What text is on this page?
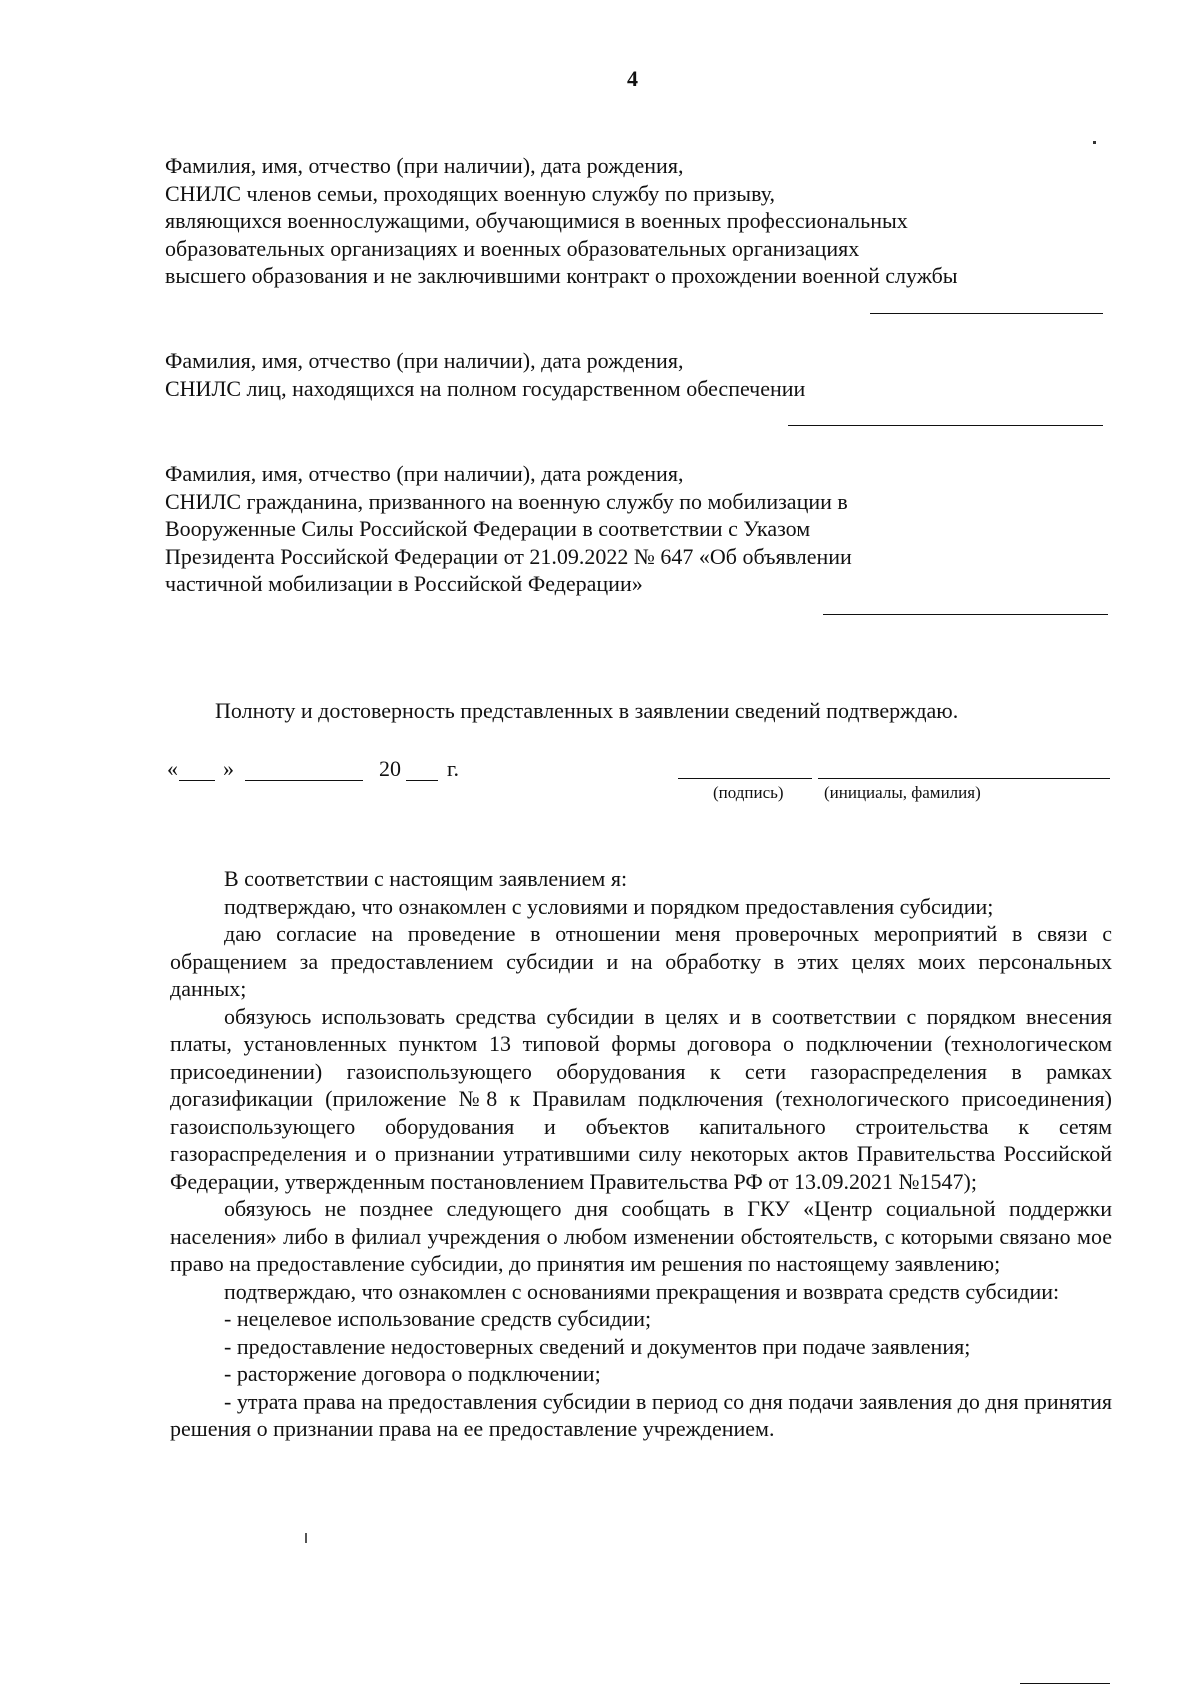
4
Фамилия, имя, отчество (при наличии), дата рождения,
СНИЛС членов семьи, проходящих военную службу по призыву,
являющихся военнослужащими, обучающимися в военных профессиональных
образовательных организациях и военных образовательных организациях
высшего образования и не заключившими контракт о прохождении военной службы
Фамилия, имя, отчество (при наличии), дата рождения,
СНИЛС лиц, находящихся на полном государственном обеспечении
Фамилия, имя, отчество (при наличии), дата рождения,
СНИЛС гражданина, призванного на военную службу по мобилизации в
Вооруженные Силы Российской Федерации в соответствии с Указом
Президента Российской Федерации от 21.09.2022 № 647 «Об объявлении
частичной мобилизации в Российской Федерации»
Полноту и достоверность представленных в заявлении сведений подтверждаю.
« »	20 г.
(подпись) (инициалы, фамилия)

В соответствии с настоящим заявлением я:

подтверждаю, что ознакомлен с условиями и порядком предоставления субсидии;

даю согласие на проведение в отношении меня проверочных мероприятий в связи с обращением за предоставлением субсидии и на обработку в этих целях моих персональных данных;

обязуюсь использовать средства субсидии в целях и в соответствии с порядком внесения платы, установленных пунктом 13 типовой формы договора о подключении (технологическом присоединении) газоиспользующего оборудования к сети газораспределения в рамках догазификации (приложение №8 к Правилам подключения (технологического присоединения) газоиспользующего оборудования и объектов капитального строительства к сетям газораспределения и о признании утратившими силу некоторых актов Правительства Российской Федерации, утвержденным постановлением Правительства РФ от 13.09.2021 №1547);

обязуюсь не позднее следующего дня сообщать в ГКУ «Центр социальной поддержки населения» либо в филиал учреждения о любом изменении обстоятельств, с которыми связано мое право на предоставление субсидии, до принятия им решения по настоящему заявлению;

подтверждаю, что ознакомлен с основаниями прекращения и возврата средств субсидии:

- нецелевое использование средств субсидии;

- предоставление недостоверных сведений и документов при подаче заявления;

- расторжение договора о подключении;

- утрата права на предоставления субсидии в период со дня подачи заявления до дня принятия решения о признании права на ее предоставление учреждением.
